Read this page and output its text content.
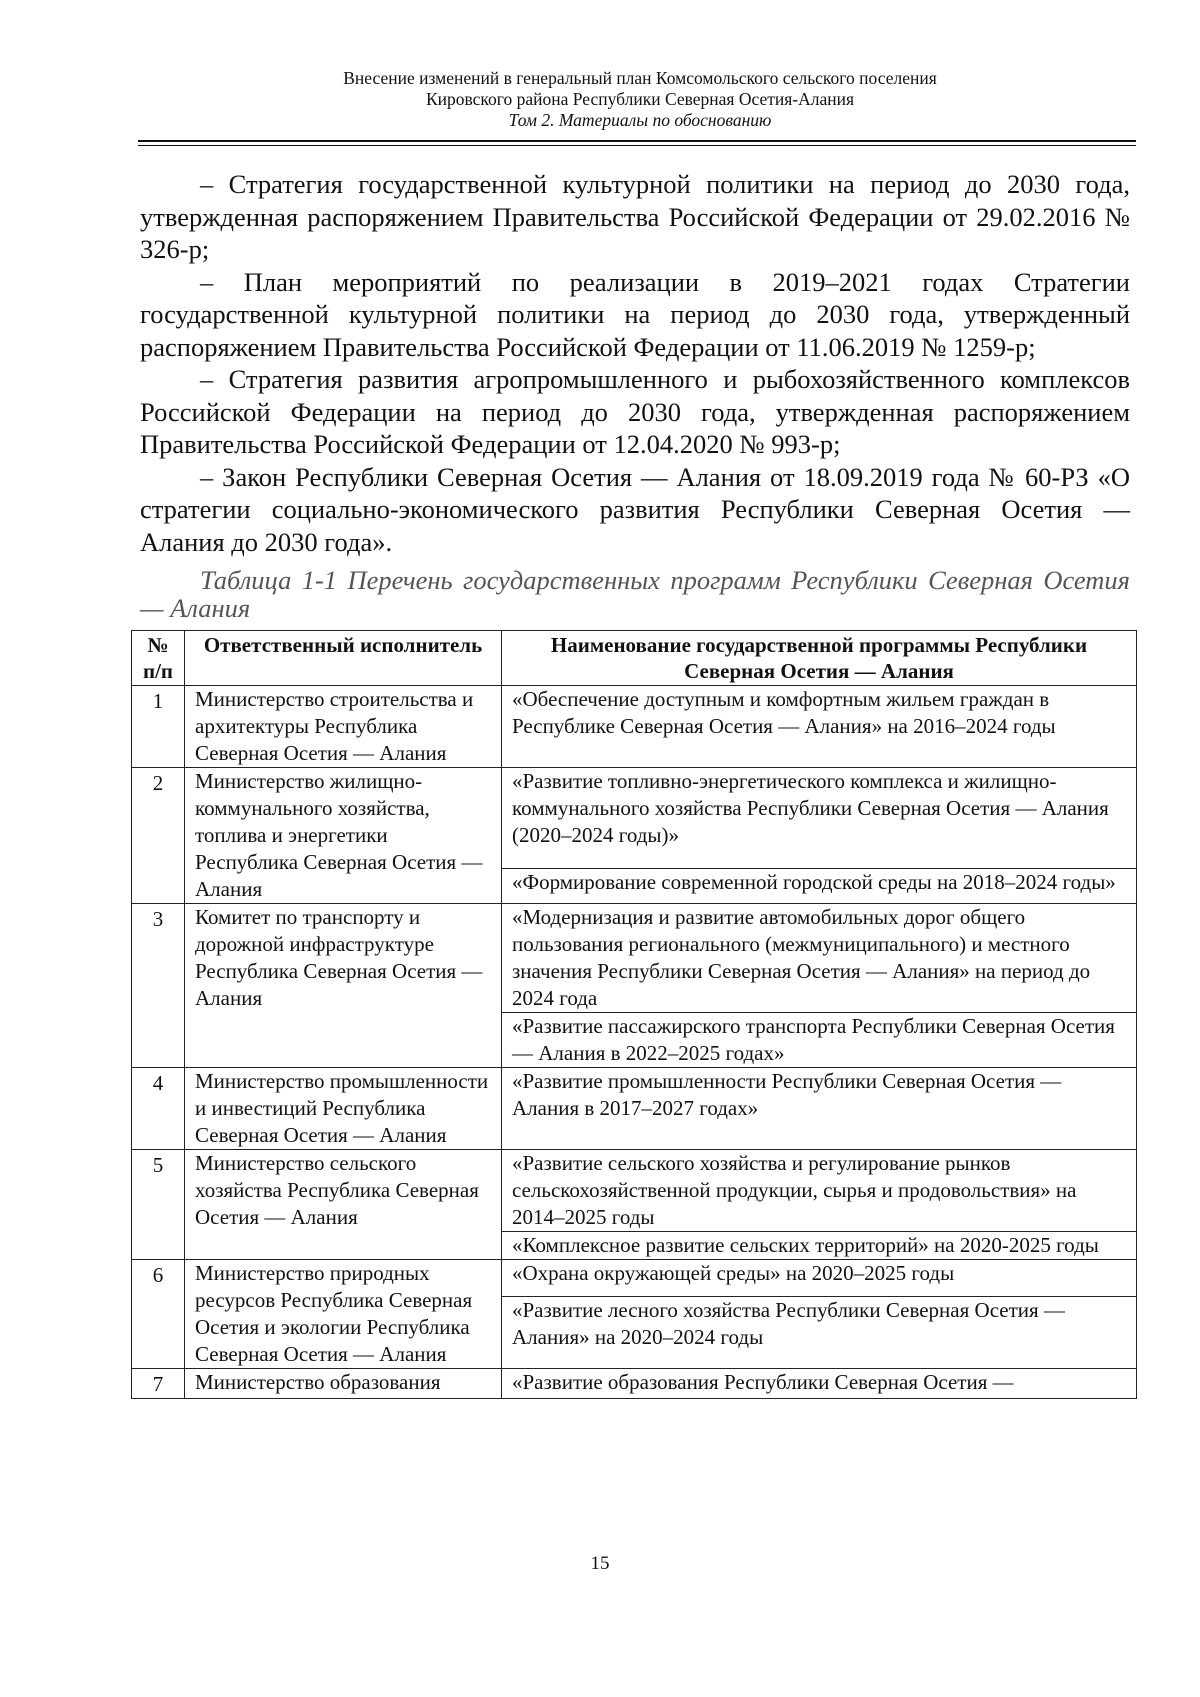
Внесение изменений в генеральный план Комсомольского сельского поселения
Кировского района Республики Северная Осетия-Алания
Том 2. Материалы по обоснованию

– Стратегия государственной культурной политики на период до 2030 года, утвержденная распоряжением Правительства Российской Федерации от 29.02.2016 № 326-р;

– План мероприятий по реализации в 2019–2021 годах Стратегии государственной культурной политики на период до 2030 года, утвержденный распоряжением Правительства Российской Федерации от 11.06.2019 № 1259-р;

– Стратегия развития агропромышленного и рыбохозяйственного комплексов Российской Федерации на период до 2030 года, утвержденная распоряжением Правительства Российской Федерации от 12.04.2020 № 993-р;

– Закон Республики Северная Осетия — Алания от 18.09.2019 года № 60-РЗ «О стратегии социально-экономического развития Республики Северная Осетия — Алания до 2030 года».

Таблица 1-1 Перечень государственных программ Республики Северная Осетия — Алания

№ п/п	Ответственный исполнитель	Наименование государственной программы Республики Северная Осетия — Алания
1	Министерство строительства и архитектуры Республика Северная Осетия — Алания	«Обеспечение доступным и комфортным жильем граждан в Республике Северная Осетия — Алания» на 2016–2024 годы
2	Министерство жилищно-коммунального хозяйства, топлива и энергетики Республика Северная Осетия — Алания	«Развитие топливно-энергетического комплекса и жилищно-коммунального хозяйства Республики Северная Осетия — Алания (2020–2024 годы)»
		«Формирование современной городской среды на 2018–2024 годы»
3	Комитет по транспорту и дорожной инфраструктуре Республика Северная Осетия — Алания	«Модернизация и развитие автомобильных дорог общего пользования регионального (межмуниципального) и местного значения Республики Северная Осетия — Алания» на период до 2024 года
		«Развитие пассажирского транспорта Республики Северная Осетия — Алания в 2022–2025 годах»
4	Министерство промышленности и инвестиций Республика Северная Осетия — Алания	«Развитие промышленности Республики Северная Осетия — Алания в 2017–2027 годах»
5	Министерство сельского хозяйства Республика Северная Осетия — Алания	«Развитие сельского хозяйства и регулирование рынков сельскохозяйственной продукции, сырья и продовольствия» на 2014–2025 годы
		«Комплексное развитие сельских территорий» на 2020-2025 годы
6	Министерство природных ресурсов Республика Северная Осетия и экологии Республика Северная Осетия — Алания	«Охрана окружающей среды» на 2020–2025 годы
		«Развитие лесного хозяйства Республики Северная Осетия — Алания» на 2020–2024 годы
7	Министерство образования	«Развитие образования Республики Северная Осетия —
15
